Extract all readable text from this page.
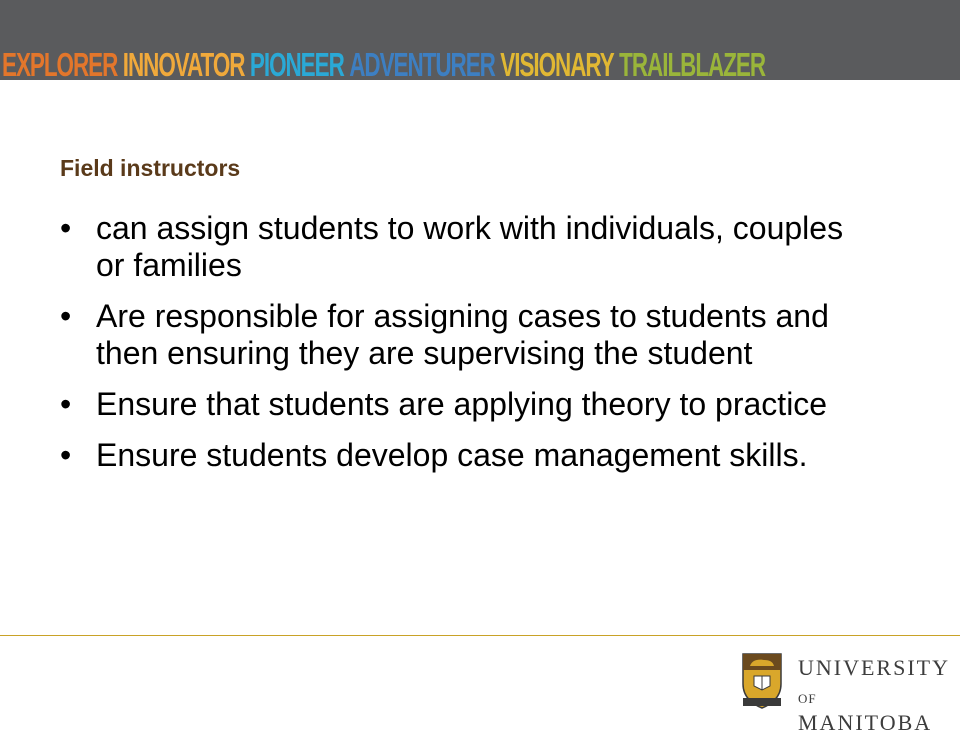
EXPLORER INNOVATOR PIONEER ADVENTURER VISIONARY TRAILBLAZER
Field instructors
• can assign students to work with individuals, couples or families
• Are responsible for assigning cases to students and then ensuring they are supervising the student
• Ensure that students are applying theory to practice
• Ensure students develop case management skills.
UNIVERSITY
OF MANITOBA
